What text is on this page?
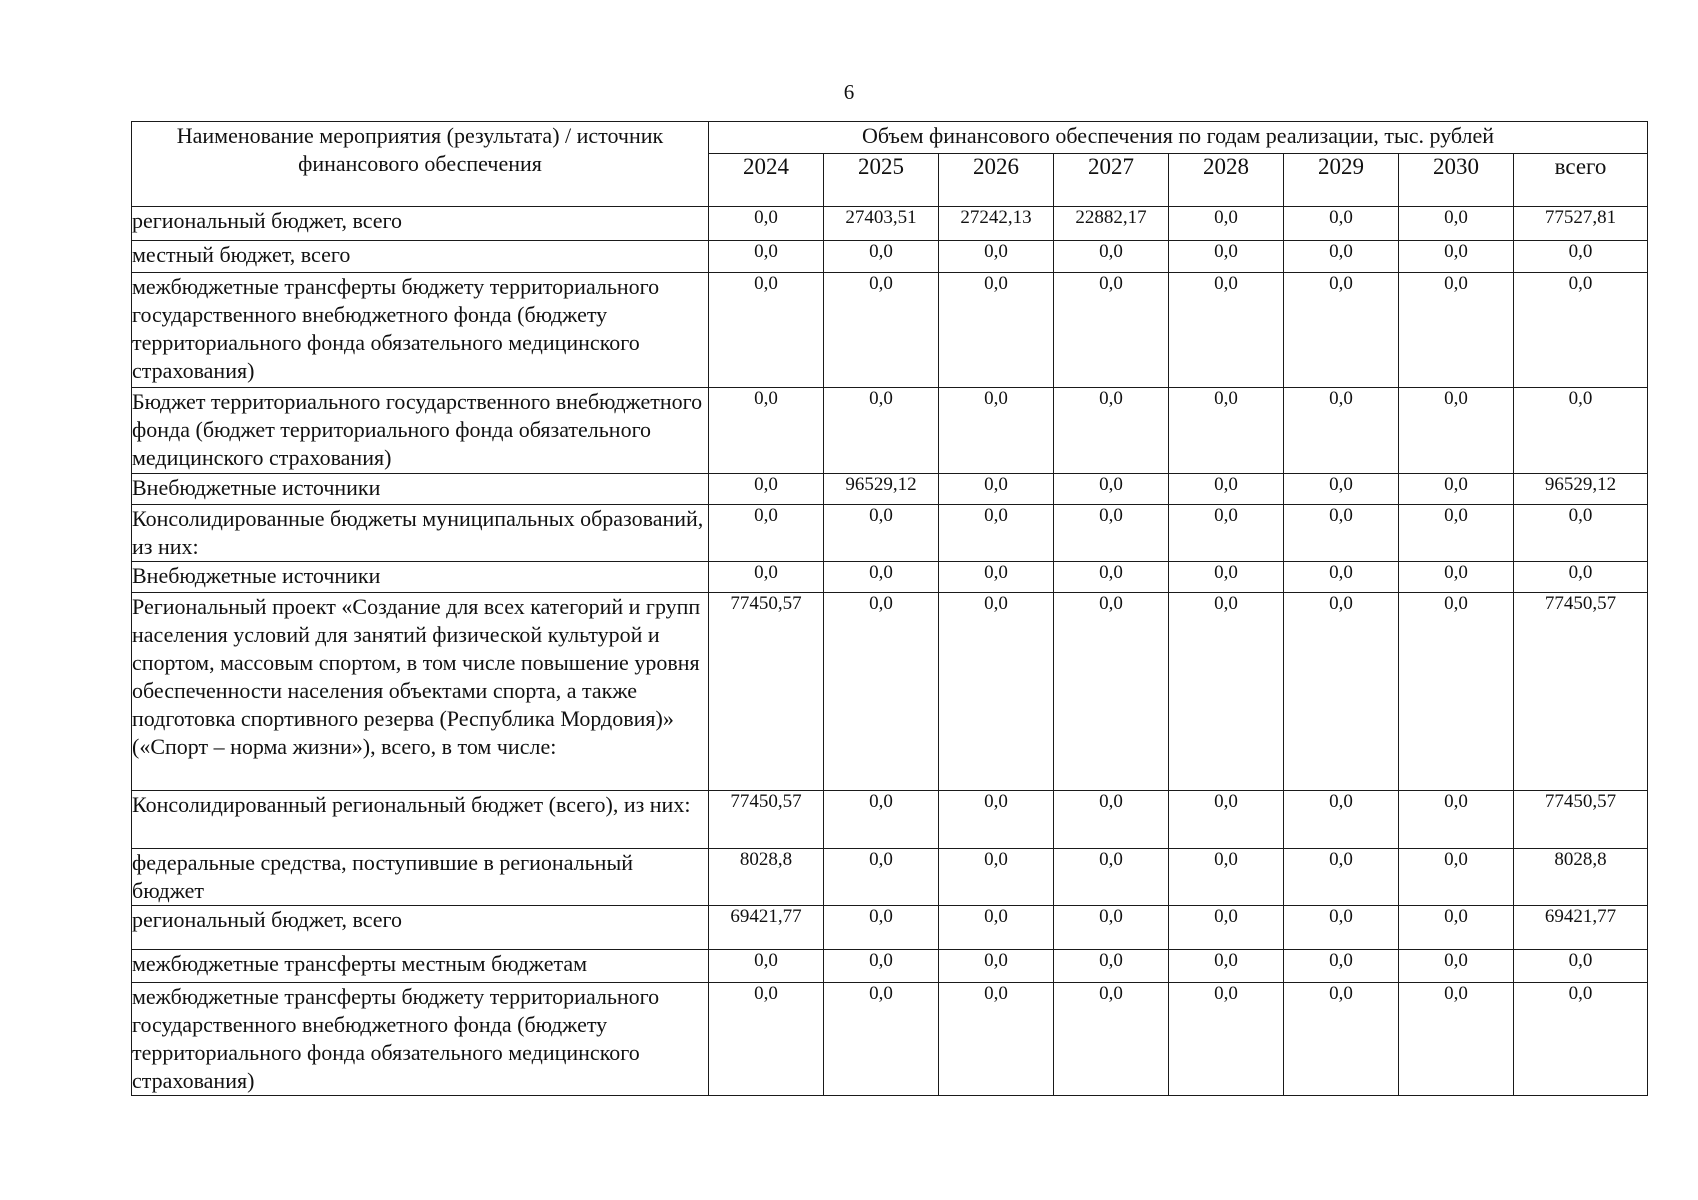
6
Наименование мероприятия (результата) / источник финансового обеспечения	Объем финансового обеспечения по годам реализации, тыс. рублей							
	2024	2025	2026	2027	2028	2029	2030	всего
региональный бюджет, всего	0,0	27403,51	27242,13	22882,17	0,0	0,0	0,0	77527,81
местный бюджет, всего	0,0	0,0	0,0	0,0	0,0	0,0	0,0	0,0
межбюджетные трансферты бюджету территориального государственного внебюджетного фонда (бюджету территориального фонда обязательного медицинского страхования)	0,0	0,0	0,0	0,0	0,0	0,0	0,0	0,0
Бюджет территориального государственного внебюджетного фонда (бюджет территориального фонда обязательного медицинского страхования)	0,0	0,0	0,0	0,0	0,0	0,0	0,0	0,0
Внебюджетные источники	0,0	96529,12	0,0	0,0	0,0	0,0	0,0	96529,12
Консолидированные бюджеты муниципальных образований, из них:	0,0	0,0	0,0	0,0	0,0	0,0	0,0	0,0
Внебюджетные источники	0,0	0,0	0,0	0,0	0,0	0,0	0,0	0,0
Региональный проект «Создание для всех категорий и групп населения условий для занятий физической культурой и спортом, массовым спортом, в том числе повышение уровня обеспеченности населения объектами спорта, а также подготовка спортивного резерва (Республика Мордовия)» («Спорт – норма жизни»), всего, в том числе:	77450,57	0,0	0,0	0,0	0,0	0,0	0,0	77450,57
Консолидированный региональный бюджет (всего), из них:	77450,57	0,0	0,0	0,0	0,0	0,0	0,0	77450,57
федеральные средства, поступившие в региональный бюджет	8028,8	0,0	0,0	0,0	0,0	0,0	0,0	8028,8
региональный бюджет, всего	69421,77	0,0	0,0	0,0	0,0	0,0	0,0	69421,77
межбюджетные трансферты местным бюджетам	0,0	0,0	0,0	0,0	0,0	0,0	0,0	0,0
межбюджетные трансферты бюджету территориального государственного внебюджетного фонда (бюджету территориального фонда обязательного медицинского страхования)	0,0	0,0	0,0	0,0	0,0	0,0	0,0	0,0
